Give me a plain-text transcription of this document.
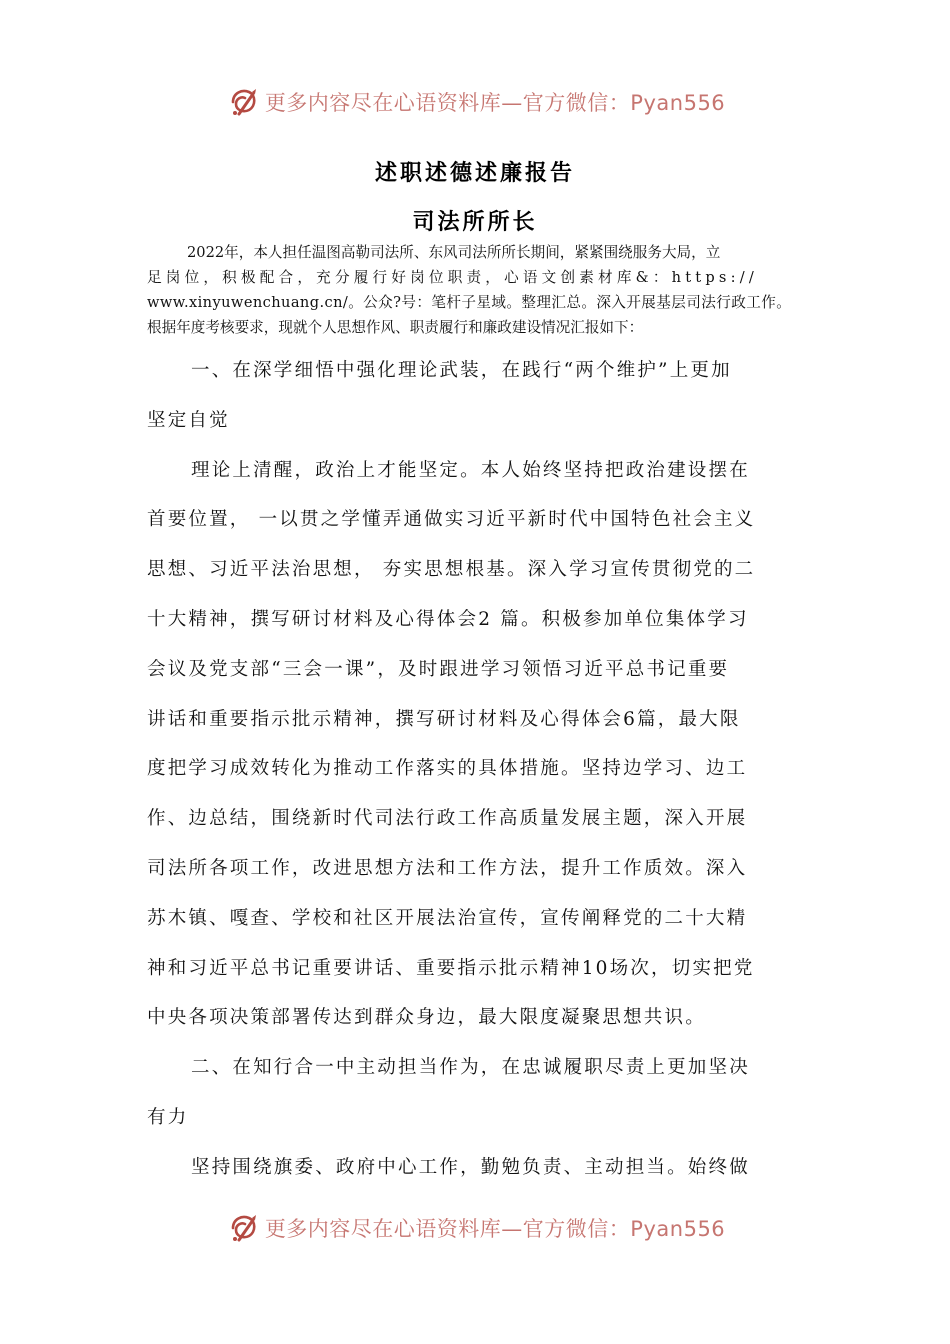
更多内容尽在心语资料库—官方微信：Pyan556
述职述德述廉报告
司法所所长
2022年，本人担任温图高勒司法所、东风司法所所长期间，紧紧围绕服务大局，立
足岗位，积极配合，充分履行好岗位职责，心语文创素材库&：https://
www.xinyuwenchuang.cn/。公众?号：笔杆子星域。整理汇总。深入开展基层司法行政工作。
根据年度考核要求，现就个人思想作风、职责履行和廉政建设情况汇报如下：
一、在深学细悟中强化理论武装，在践行“两个维护”上更加
坚定自觉
理论上清醒，政治上才能坚定。本人始终坚持把政治建设摆在
首要位置， 一以贯之学懂弄通做实习近平新时代中国特色社会主义
思想、习近平法治思想， 夯实思想根基。深入学习宣传贯彻党的二
十大精神，撰写研讨材料及心得体会2 篇。积极参加单位集体学习
会议及党支部“三会一课”，及时跟进学习领悟习近平总书记重要
讲话和重要指示批示精神，撰写研讨材料及心得体会6篇，最大限
度把学习成效转化为推动工作落实的具体措施。坚持边学习、边工
作、边总结，围绕新时代司法行政工作高质量发展主题，深入开展
司法所各项工作，改进思想方法和工作方法，提升工作质效。深入
苏木镇、嘎查、学校和社区开展法治宣传，宣传阐释党的二十大精
神和习近平总书记重要讲话、重要指示批示精神10场次，切实把党
中央各项决策部署传达到群众身边，最大限度凝聚思想共识。
二、在知行合一中主动担当作为，在忠诚履职尽责上更加坚决
有力
坚持围绕旗委、政府中心工作，勤勉负责、主动担当。始终做
更多内容尽在心语资料库—官方微信：Pyan556
